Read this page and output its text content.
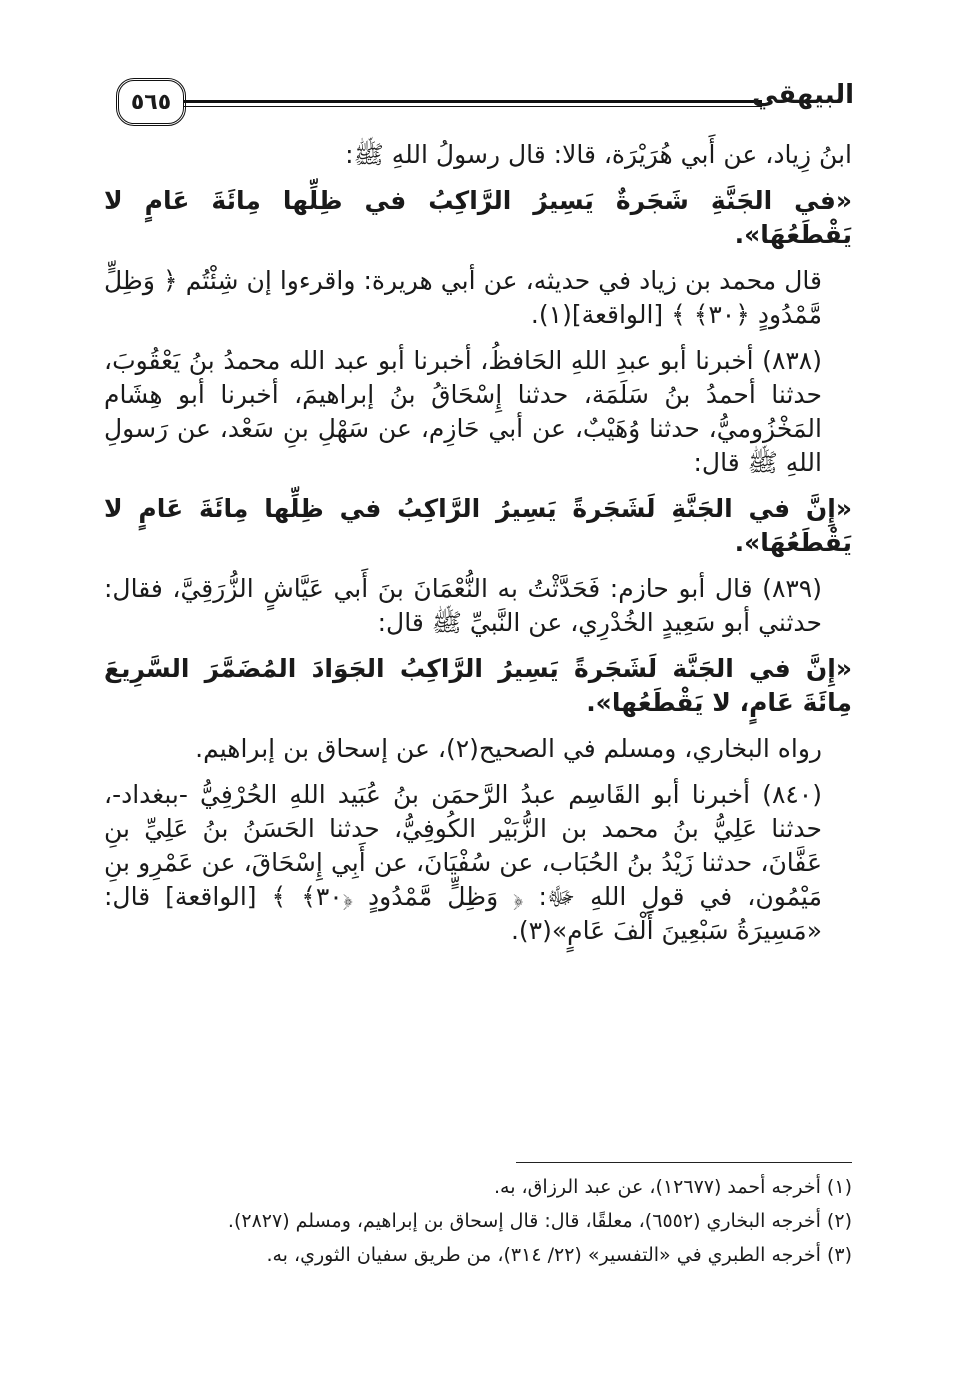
٥٦٥	البيهقي

ابنُ زِياد، عن أَبي هُرَيْرَة، قالا: قال رسولُ اللهِ ﷺ:

«في الجَنَّةِ شَجَرةٌ يَسِيرُ الرَّاكِبُ في ظِلِّها مِائَةَ عَامٍ لا يَقْطَعُهَا».

قال محمد بن زياد في حديثه، عن أبي هريرة: واقرءوا إن شِئْتُم ﴿ وَظِلٍّ مَّمْدُودٍ ﴿٣٠﴾ ﴾ [الواقعة](١).

(٨٣٨) أخبرنا أبو عبدِ اللهِ الحَافظُ، أخبرنا أبو عبد الله محمدُ بنُ يَعْقُوبَ، حدثنا أحمدُ بنُ سَلَمَة، حدثنا إِسْحَاقُ بنُ إبراهيمَ، أخبرنا أبو هِشَام المَخْزُوميُّ، حدثنا وُهَيْبٌ، عن أبي حَازِم، عن سَهْلِ بنِ سَعْد، عن رَسولِ اللهِ ﷺ قال:

«إِنَّ في الجَنَّةِ لَشَجَرةً يَسِيرُ الرَّاكِبُ في ظِلِّها مِائَةَ عَامٍ لا يَقْطَعُهَا».

(٨٣٩) قال أبو حازم: فَحَدَّثْتُ به النُّعْمَانَ بنَ أَبي عَيَّاشٍ الزُّرَقِيَّ، فقال: حدثني أبو سَعِيدٍ الخُدْرِي، عن النَّبيِّ ﷺ قال:

«إِنَّ في الجَنَّة لَشَجَرةً يَسِيرُ الرَّاكِبُ الجَوَادَ المُضَمَّرَ السَّرِيعَ مِائَةَ عَامٍ، لا يَقْطَعُها».

رواه البخاري، ومسلم في الصحيح(٢)، عن إسحاق بن إبراهيم.

(٨٤٠) أخبرنا أبو القَاسِم عبدُ الرَّحمَن بنُ عُبَيد اللهِ الحُرْفِيُّ -ببغداد-، حدثنا عَلِيُّ بنُ محمد بن الزُّبَيْر الكُوفِيُّ، حدثنا الحَسَنُ بنُ عَلِيِّ بنِ عَفَّانَ، حدثنا زَيْدُ بنُ الحُبَاب، عن سُفْيَانَ، عن أَبِي إِسْحَاقَ، عن عَمْرِو بنِ مَيْمُون، في قولِ اللهِ ﷻ: ﴿ وَظِلٍّ مَّمْدُودٍ ﴿٣٠﴾ ﴾ [الواقعة] قال: «مَسِيرَةُ سَبْعِينَ أَلْفَ عَامٍ»(٣).

(١) أخرجه أحمد (١٢٦٧٧)، عن عبد الرزاق، به.

(٢) أخرجه البخاري (٦٥٥٢)، معلقًا، قال: قال إسحاق بن إبراهيم، ومسلم (٢٨٢٧).

(٣) أخرجه الطبري في «التفسير» (٢٢/ ٣١٤)، من طريق سفيان الثوري، به.
